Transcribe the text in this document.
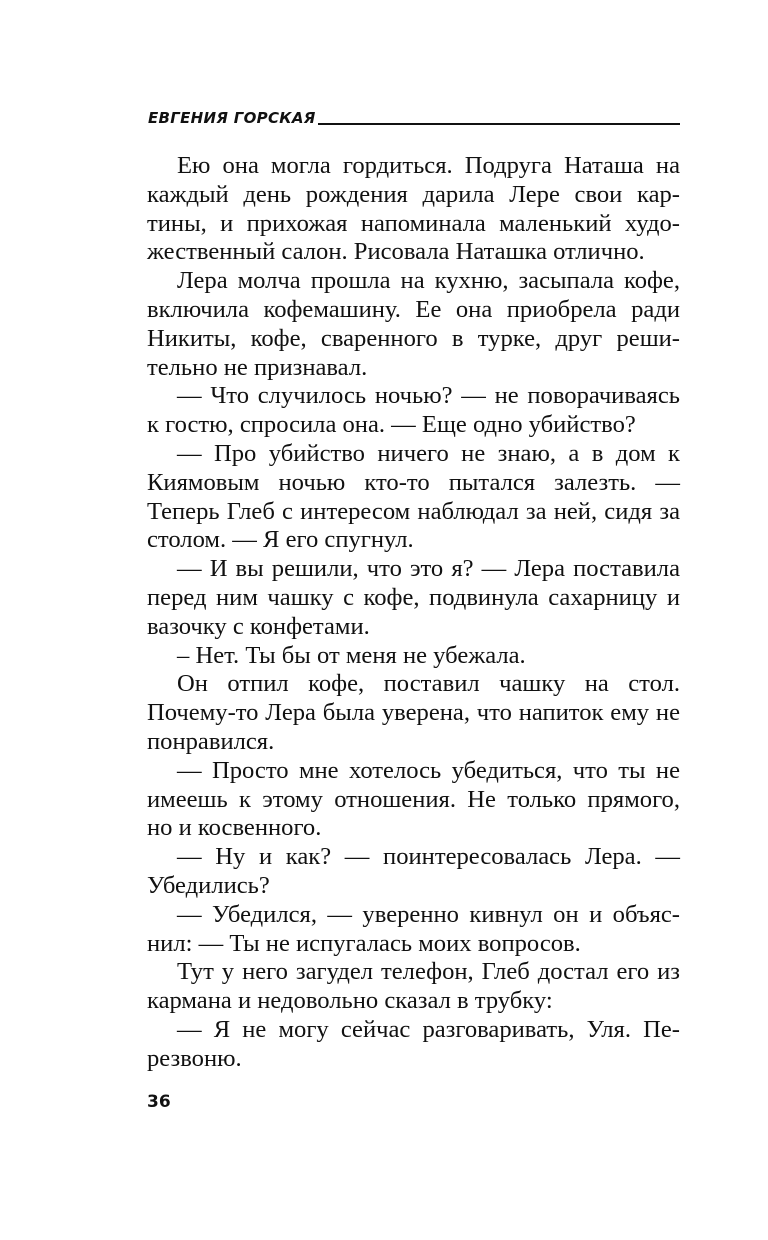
ЕВГЕНИЯ ГОРСКАЯ

Ею она могла гордиться. Подруга Наташа на каждый день рождения дарила Лере свои картины, и прихожая напоминала маленький художественный салон. Рисовала Наташка отлично.

Лера молча прошла на кухню, засыпала кофе, включила кофемашину. Ее она приобрела ради Никиты, кофе, сваренного в турке, друг решительно не признавал.

— Что случилось ночью? — не поворачиваясь к гостю, спросила она. — Еще одно убийство?

— Про убийство ничего не знаю, а в дом к Киямовым ночью кто-то пытался залезть. — Теперь Глеб с интересом наблюдал за ней, сидя за столом. — Я его спугнул.

— И вы решили, что это я? — Лера поставила перед ним чашку с кофе, подвинула сахарницу и вазочку с конфетами.

– Нет. Ты бы от меня не убежала.

Он отпил кофе, поставил чашку на стол. Почему-то Лера была уверена, что напиток ему не понравился.

— Просто мне хотелось убедиться, что ты не имеешь к этому отношения. Не только прямого, но и косвенного.

— Ну и как? — поинтересовалась Лера. — Убедились?

— Убедился, — уверенно кивнул он и объяснил: — Ты не испугалась моих вопросов.

Тут у него загудел телефон, Глеб достал его из кармана и недовольно сказал в трубку:

— Я не могу сейчас разговаривать, Уля. Перезвоню.

36
